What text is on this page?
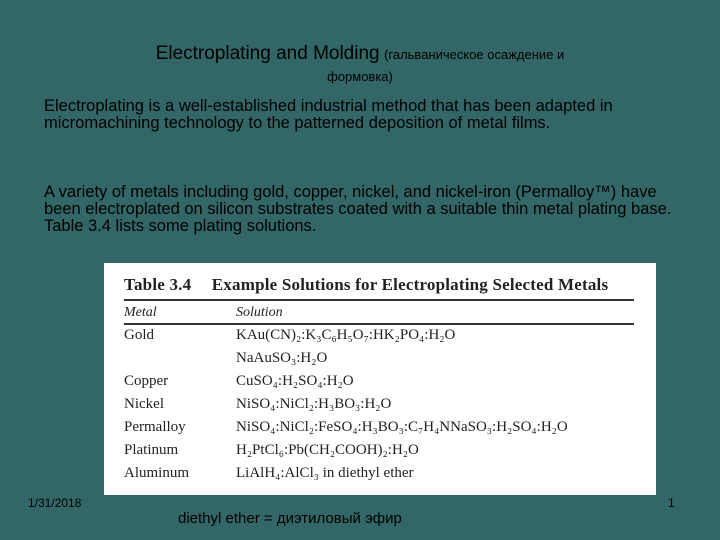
Electroplating and Molding (гальваническое осаждение и
формовка)
Electroplating is a well-established industrial method that has been adapted in micromachining technology to the patterned deposition of metal films.
A variety of metals including gold, copper, nickel, and nickel-iron (Permalloy™) have been electroplated on silicon substrates coated with a suitable thin metal plating base. Table 3.4 lists some plating solutions.
Table 3.4 Example Solutions for Electroplating Selected Metals
Metal	Solution
Gold	KAu(CN)₂:K₃C₆H₅O₇:HK₂PO₄:H₂O
NaAuSO₃:H₂O
Copper	CuSO₄:H₂SO₄:H₂O
Nickel	NiSO₄:NiCl₂:H₃BO₃:H₂O
Permalloy	NiSO₄:NiCl₂:FeSO₄:H₃BO₃:C₇H₄NNaSO₃:H₂SO₄:H₂O
Platinum	H₂PtCl₆:Pb(CH₂COOH)₂:H₂O
Aluminum	LiAlH₄:AlCl₃ in diethyl ether
1/31/2018	1
diethyl ether = диэтиловый эфир
